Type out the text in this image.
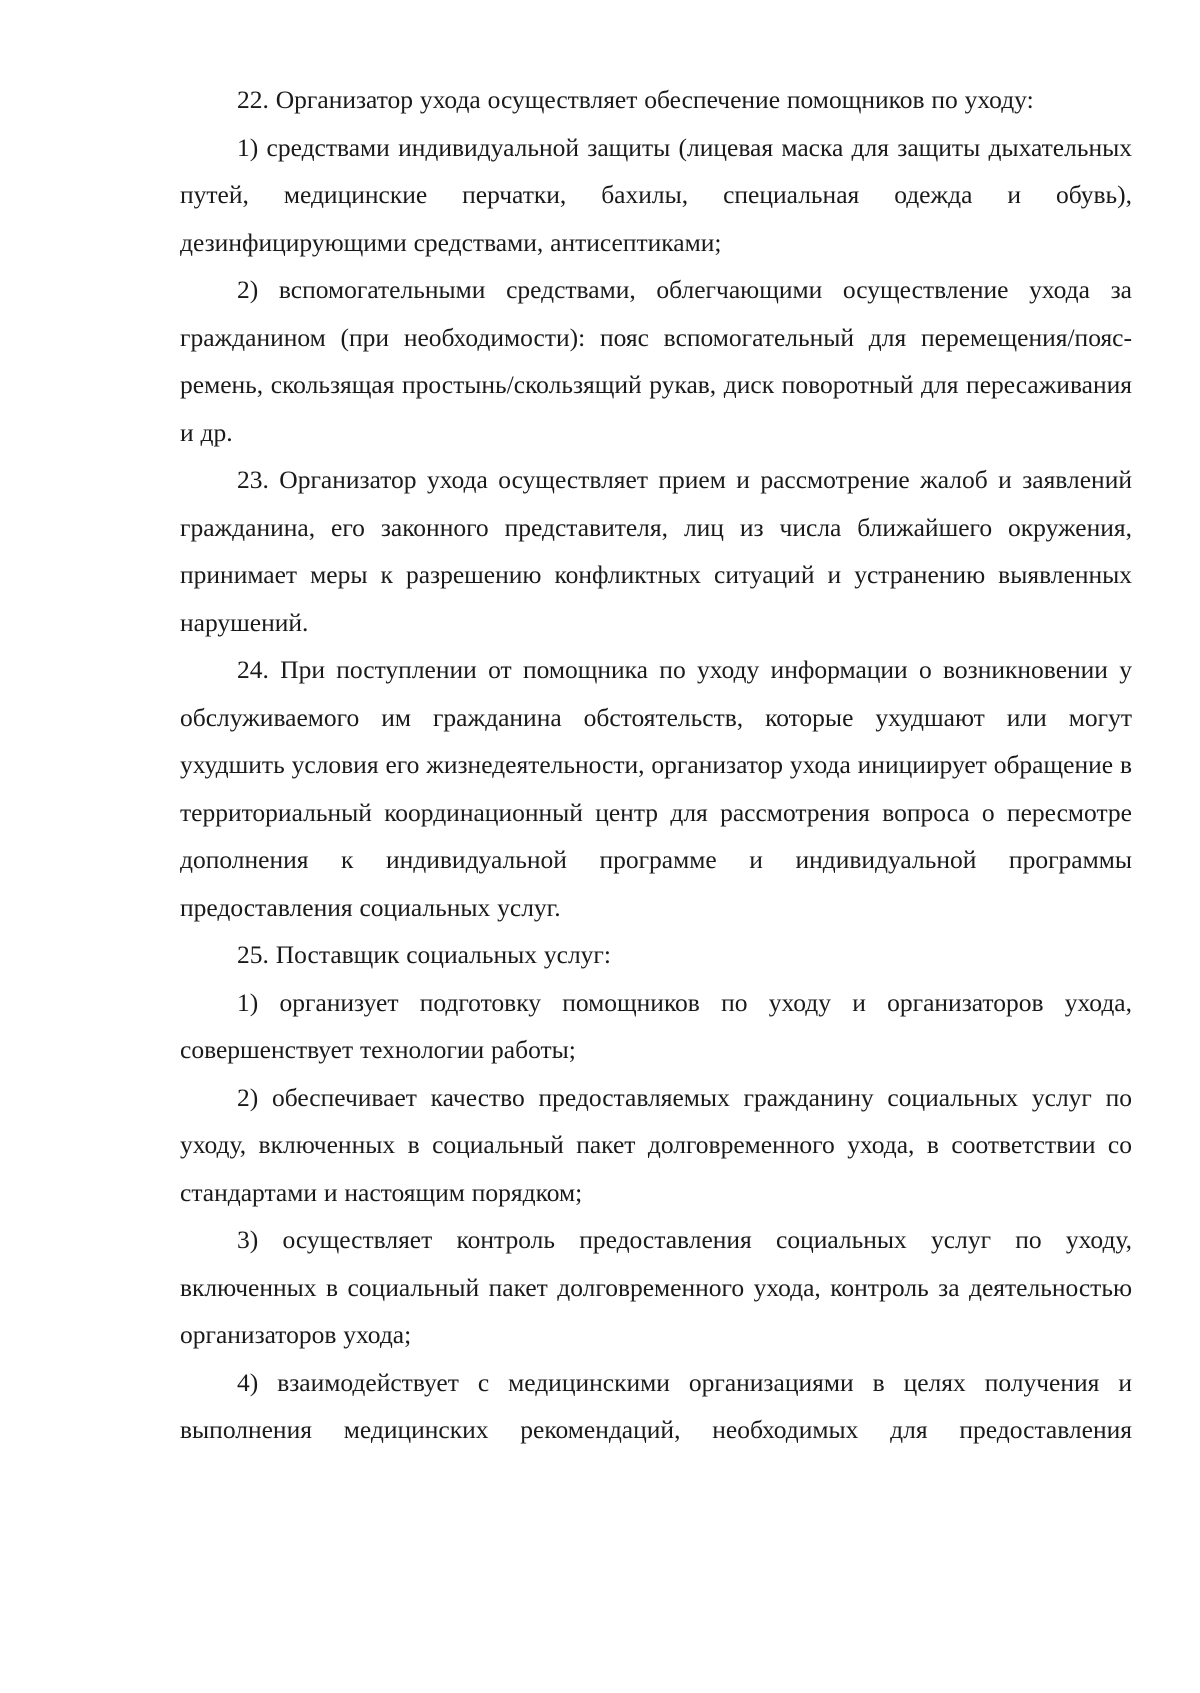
22. Организатор ухода осуществляет обеспечение помощников по уходу:

1) средствами индивидуальной защиты (лицевая маска для защиты дыхательных путей, медицинские перчатки, бахилы, специальная одежда и обувь), дезинфицирующими средствами, антисептиками;

2) вспомогательными средствами, облегчающими осуществление ухода за гражданином (при необходимости): пояс вспомогательный для перемещения/пояс-ремень, скользящая простынь/скользящий рукав, диск поворотный для пересаживания и др.

23. Организатор ухода осуществляет прием и рассмотрение жалоб и заявлений гражданина, его законного представителя, лиц из числа ближайшего окружения, принимает меры к разрешению конфликтных ситуаций и устранению выявленных нарушений.

24. При поступлении от помощника по уходу информации о возникновении у обслуживаемого им гражданина обстоятельств, которые ухудшают или могут ухудшить условия его жизнедеятельности, организатор ухода инициирует обращение в территориальный координационный центр для рассмотрения вопроса о пересмотре дополнения к индивидуальной программе и индивидуальной программы предоставления социальных услуг.

25. Поставщик социальных услуг:

1) организует подготовку помощников по уходу и организаторов ухода, совершенствует технологии работы;

2) обеспечивает качество предоставляемых гражданину социальных услуг по уходу, включенных в социальный пакет долговременного ухода, в соответствии со стандартами и настоящим порядком;

3) осуществляет контроль предоставления социальных услуг по уходу, включенных в социальный пакет долговременного ухода, контроль за деятельностью организаторов ухода;

4) взаимодействует с медицинскими организациями в целях получения и выполнения медицинских рекомендаций, необходимых для предоставления
